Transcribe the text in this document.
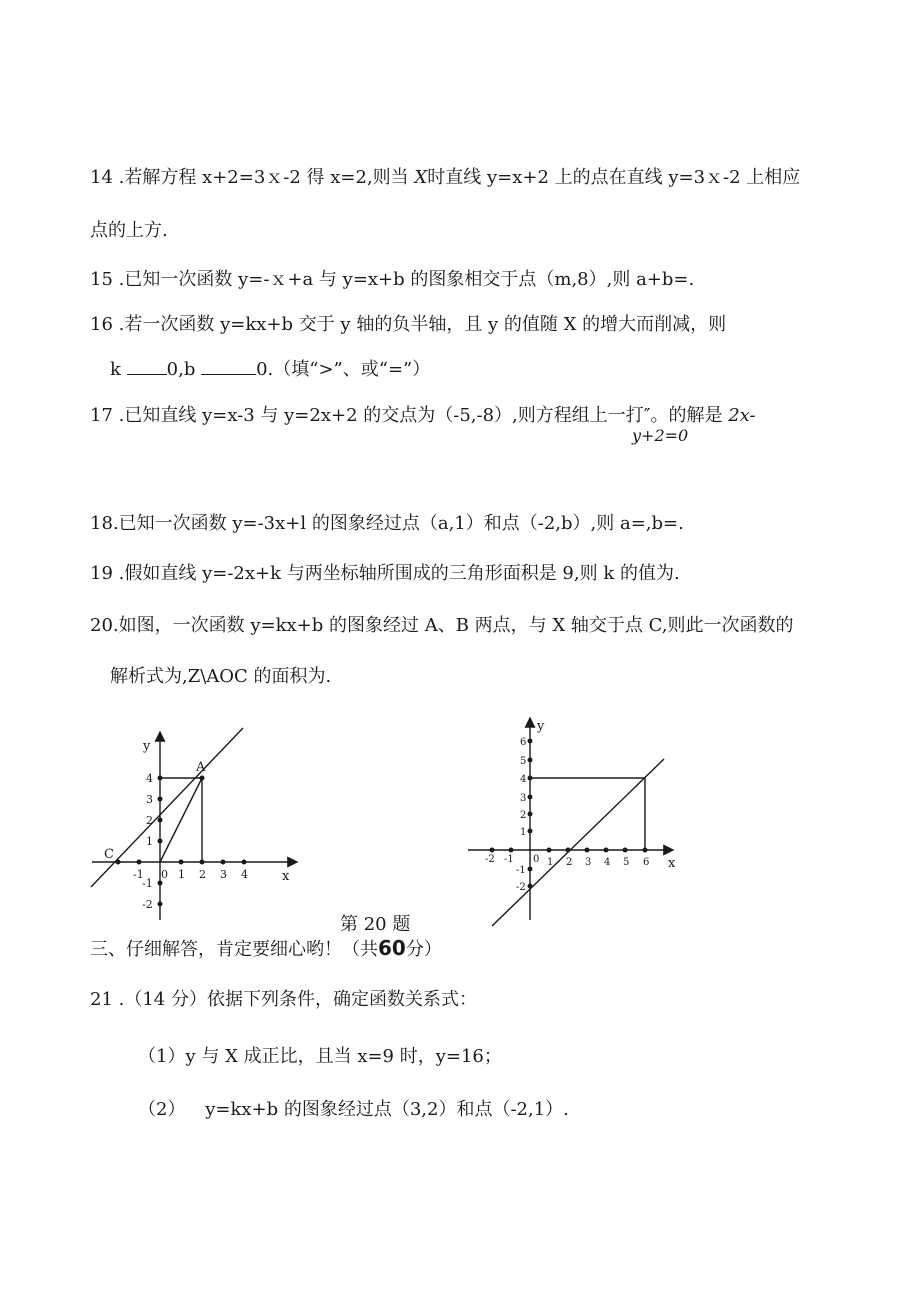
14 .若解方程 x+2=3ｘ-2 得 x=2,则当 X时直线 y=x+2 上的点在直线 y=3ｘ-2 上相应
点的上方.
15 .已知一次函数 y=-ｘ+a 与 y=x+b 的图象相交于点（m,8）,则 a+b=.
16 .若一次函数 y=kx+b 交于 y 轴的负半轴，且 y 的值随 X 的增大而削减，则
k	0,b	0.（填“>”、或“=”）
17 .已知直线 y=x-3 与 y=2x+2 的交点为（-5,-8）,则方程组上一打″。的解是 2x-
y+2=0
18.已知一次函数 y=-3x+l 的图象经过点（a,1）和点（-2,b）,则 a=,b=.
19 .假如直线 y=-2x+k 与两坐标轴所围成的三角形面积是 9,则 k 的值为.
20.如图，一次函数 y=kx+b 的图象经过 A、B 两点，与 X 轴交于点 C,则此一次函数的
解析式为,Z\AOC 的面积为.
y
x
A
C
-1 0 1 2 3 4
4
3
2
1
-1
-2
y
x
-2 -1 0 1 2 3 4 5 6
6
5
4
3
2
1
-1
-2
第 20 题
三、仔细解答，肯定要细心哟！（共60分）
21 .（14 分）依据下列条件，确定函数关系式：
（1）y 与 X 成正比，且当 x=9 时，y=16；
（2） y=kx+b 的图象经过点（3,2）和点（-2,1）.
